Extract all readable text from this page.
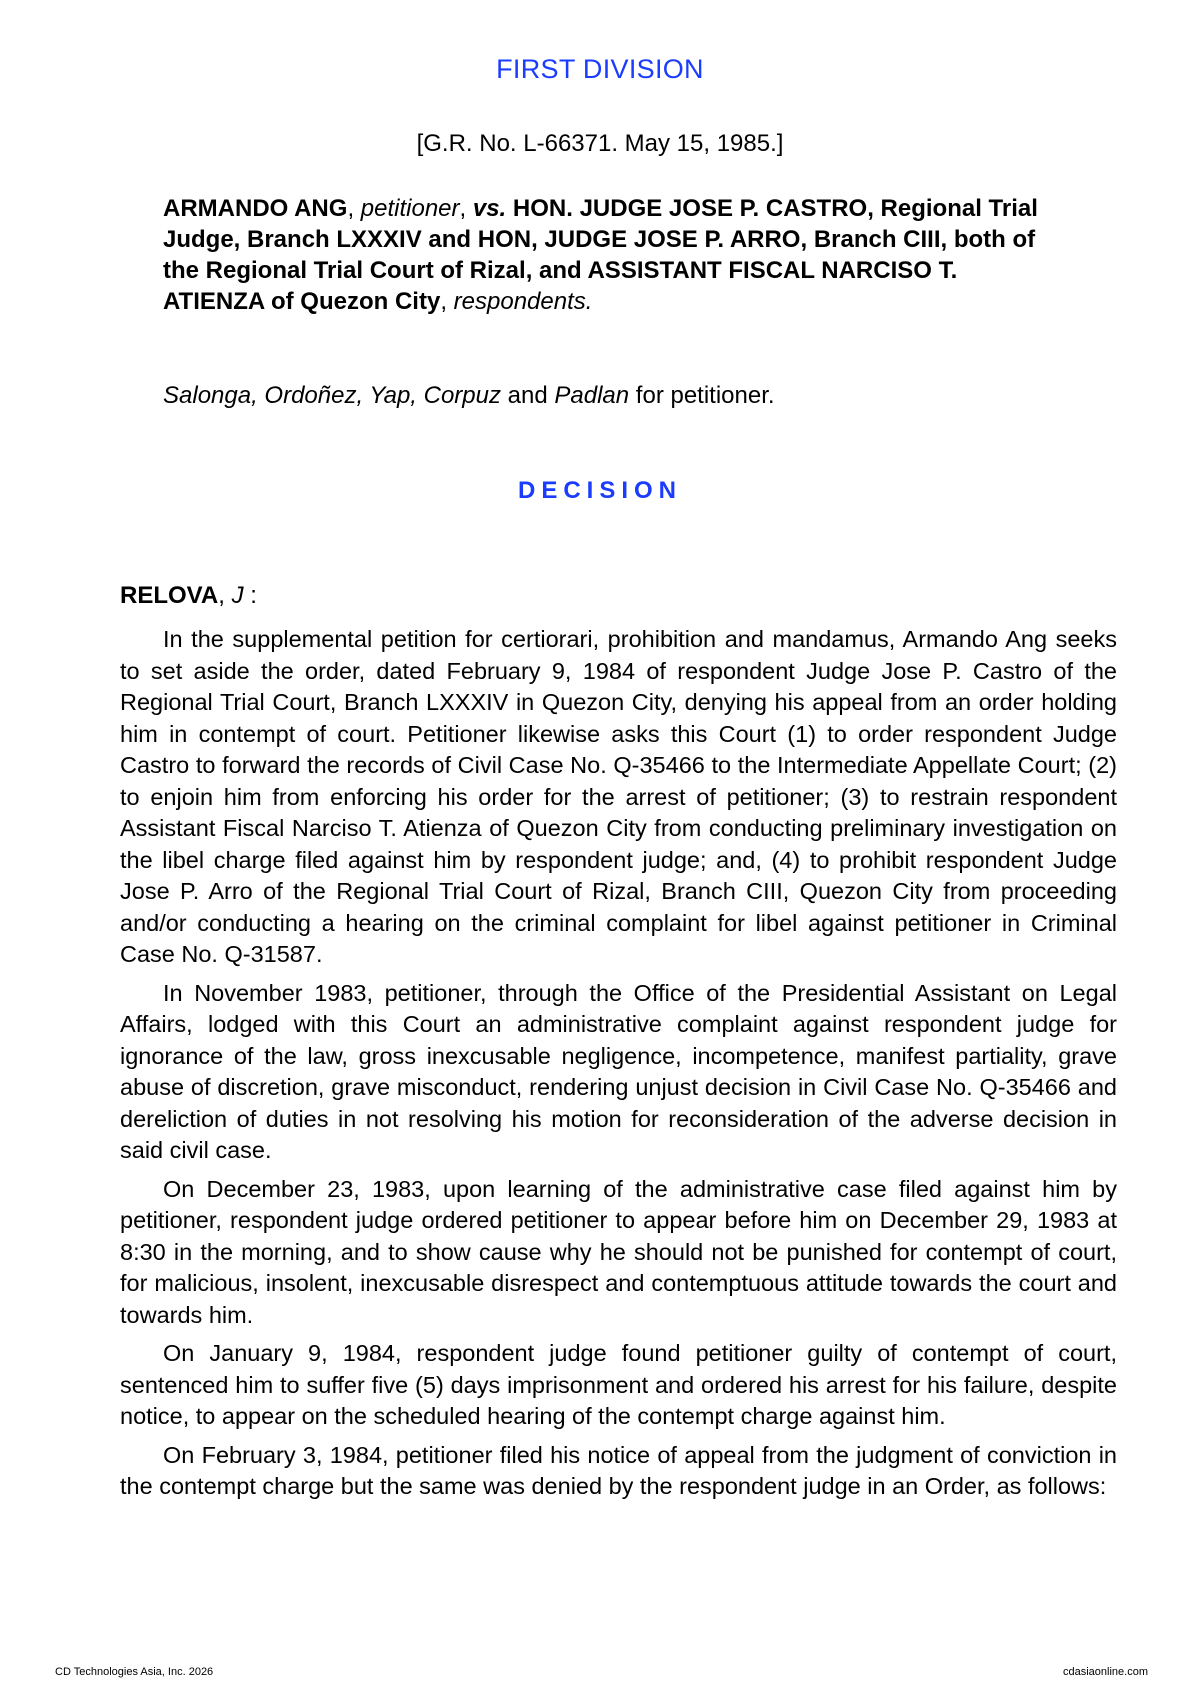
FIRST DIVISION
[G.R. No. L-66371. May 15, 1985.]
ARMANDO ANG, petitioner, vs. HON. JUDGE JOSE P. CASTRO, Regional Trial Judge, Branch LXXXIV and HON, JUDGE JOSE P. ARRO, Branch CIII, both of the Regional Trial Court of Rizal, and ASSISTANT FISCAL NARCISO T. ATIENZA of Quezon City, respondents.
Salonga, Ordoñez, Yap, Corpuz and Padlan for petitioner.
DECISION
RELOVA, J :

In the supplemental petition for certiorari, prohibition and mandamus, Armando Ang seeks to set aside the order, dated February 9, 1984 of respondent Judge Jose P. Castro of the Regional Trial Court, Branch LXXXIV in Quezon City, denying his appeal from an order holding him in contempt of court. Petitioner likewise asks this Court (1) to order respondent Judge Castro to forward the records of Civil Case No. Q-35466 to the Intermediate Appellate Court; (2) to enjoin him from enforcing his order for the arrest of petitioner; (3) to restrain respondent Assistant Fiscal Narciso T. Atienza of Quezon City from conducting preliminary investigation on the libel charge filed against him by respondent judge; and, (4) to prohibit respondent Judge Jose P. Arro of the Regional Trial Court of Rizal, Branch CIII, Quezon City from proceeding and/or conducting a hearing on the criminal complaint for libel against petitioner in Criminal Case No. Q-31587.

In November 1983, petitioner, through the Office of the Presidential Assistant on Legal Affairs, lodged with this Court an administrative complaint against respondent judge for ignorance of the law, gross inexcusable negligence, incompetence, manifest partiality, grave abuse of discretion, grave misconduct, rendering unjust decision in Civil Case No. Q-35466 and dereliction of duties in not resolving his motion for reconsideration of the adverse decision in said civil case.

On December 23, 1983, upon learning of the administrative case filed against him by petitioner, respondent judge ordered petitioner to appear before him on December 29, 1983 at 8:30 in the morning, and to show cause why he should not be punished for contempt of court, for malicious, insolent, inexcusable disrespect and contemptuous attitude towards the court and towards him.

On January 9, 1984, respondent judge found petitioner guilty of contempt of court, sentenced him to suffer five (5) days imprisonment and ordered his arrest for his failure, despite notice, to appear on the scheduled hearing of the contempt charge against him.

On February 3, 1984, petitioner filed his notice of appeal from the judgment of conviction in the contempt charge but the same was denied by the respondent judge in an Order, as follows:

CD Technologies Asia, Inc. 2026	cdasiaonline.com
